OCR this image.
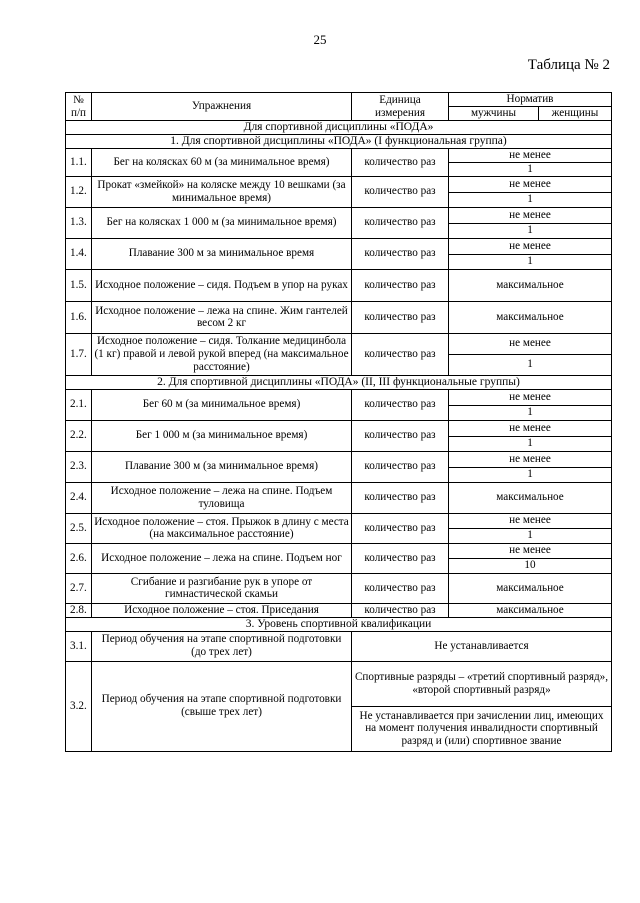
25
Таблица № 2
№ п/п	Упражнения	Единица измерения	Норматив	
			мужчины	женщины
Для спортивной дисциплины «ПОДА»				
1. Для спортивной дисциплины «ПОДА» (I функциональная группа)				
1.1.	Бег на колясках 60 м (за минимальное время)	количество раз	не менее	
			1	
1.2.	Прокат «змейкой» на коляске между 10 вешками (за минимальное время)	количество раз	не менее	
			1	
1.3.	Бег на колясках 1 000 м (за минимальное время)	количество раз	не менее	
			1	
1.4.	Плавание 300 м за минимальное время	количество раз	не менее	
			1	
1.5.	Исходное положение – сидя. Подъем в упор на руках	количество раз	максимальное	
1.6.	Исходное положение – лежа на спине. Жим гантелей весом 2 кг	количество раз	максимальное	
1.7.	Исходное положение – сидя. Толкание медицинбола (1 кг) правой и левой рукой вперед (на максимальное расстояние)	количество раз	не менее	
			1	
2. Для спортивной дисциплины «ПОДА» (II, III функциональные группы)				
2.1.	Бег 60 м (за минимальное время)	количество раз	не менее	
			1	
2.2.	Бег 1 000 м (за минимальное время)	количество раз	не менее	
			1	
2.3.	Плавание 300 м (за минимальное время)	количество раз	не менее	
			1	
2.4.	Исходное положение – лежа на спине. Подъем туловища	количество раз	максимальное	
2.5.	Исходное положение – стоя. Прыжок в длину с места (на максимальное расстояние)	количество раз	не менее	
			1	
2.6.	Исходное положение – лежа на спине. Подъем ног	количество раз	не менее	
			10	
2.7.	Сгибание и разгибание рук в упоре от гимнастической скамьи	количество раз	максимальное	
2.8.	Исходное положение – стоя. Приседания	количество раз	максимальное	
3. Уровень спортивной квалификации				
3.1.	Период обучения на этапе спортивной подготовки (до трех лет)	Не устанавливается		
3.2.	Период обучения на этапе спортивной подготовки (свыше трех лет)	Спортивные разряды – «третий спортивный разряд», «второй спортивный разряд»		
		Не устанавливается при зачислении лиц, имеющих на момент получения инвалидности спортивный разряд и (или) спортивное звание		
